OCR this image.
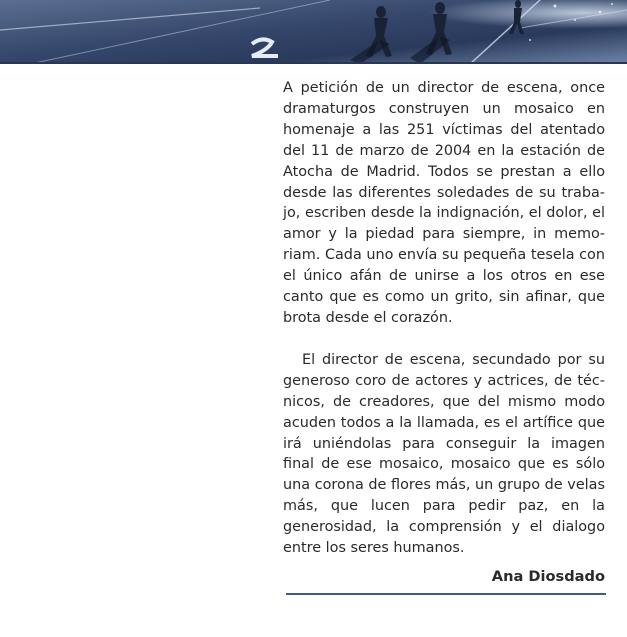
A petición de un director de escena, once dramaturgos construyen un mosaico en homenaje a las 251 víctimas del atentado del 11 de marzo de 2004 en la estación de Atocha de Madrid. Todos se prestan a ello desde las diferentes soledades de su trabajo, escriben desde la indignación, el dolor, el amor y la piedad para siempre, in memoriam. Cada uno envía su pequeña tesela con el único afán de unirse a los otros en ese canto que es como un grito, sin afinar, que brota desde el corazón.

El director de escena, secundado por su generoso coro de actores y actrices, de técnicos, de creadores, que del mismo modo acuden todos a la llamada, es el artífice que irá uniéndolas para conseguir la imagen final de ese mosaico, mosaico que es sólo una corona de flores más, un grupo de velas más, que lucen para pedir paz, en la generosidad, la comprensión y el dialogo entre los seres humanos.

Ana Diosdado
